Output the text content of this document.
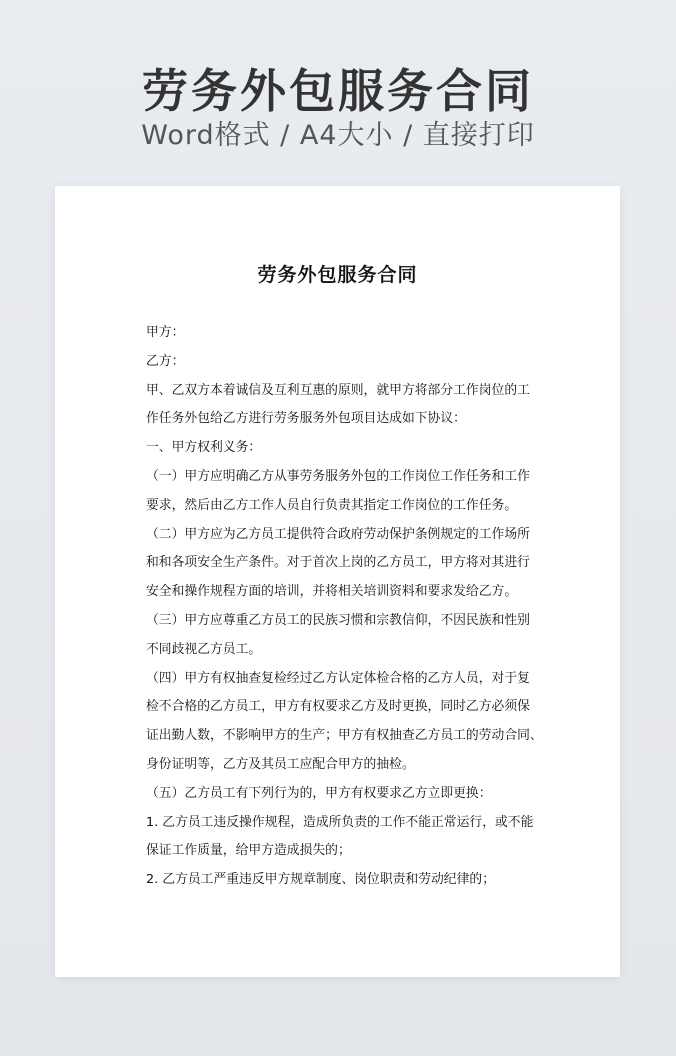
劳务外包服务合同
Word格式 / A4大小 / 直接打印
劳务外包服务合同
甲方：
乙方：
甲、乙双方本着诚信及互利互惠的原则，就甲方将部分工作岗位的工
作任务外包给乙方进行劳务服务外包项目达成如下协议：
一、甲方权利义务：
（一）甲方应明确乙方从事劳务服务外包的工作岗位工作任务和工作
要求，然后由乙方工作人员自行负责其指定工作岗位的工作任务。
（二）甲方应为乙方员工提供符合政府劳动保护条例规定的工作场所
和和各项安全生产条件。对于首次上岗的乙方员工，甲方将对其进行
安全和操作规程方面的培训，并将相关培训资料和要求发给乙方。
（三）甲方应尊重乙方员工的民族习惯和宗教信仰，不因民族和性别
不同歧视乙方员工。
（四）甲方有权抽查复检经过乙方认定体检合格的乙方人员，对于复
检不合格的乙方员工，甲方有权要求乙方及时更换，同时乙方必须保
证出勤人数，不影响甲方的生产；甲方有权抽查乙方员工的劳动合同、
身份证明等，乙方及其员工应配合甲方的抽检。
（五）乙方员工有下列行为的，甲方有权要求乙方立即更换：
1. 乙方员工违反操作规程，造成所负责的工作不能正常运行，或不能
保证工作质量，给甲方造成损失的；
2. 乙方员工严重违反甲方规章制度、岗位职责和劳动纪律的；
